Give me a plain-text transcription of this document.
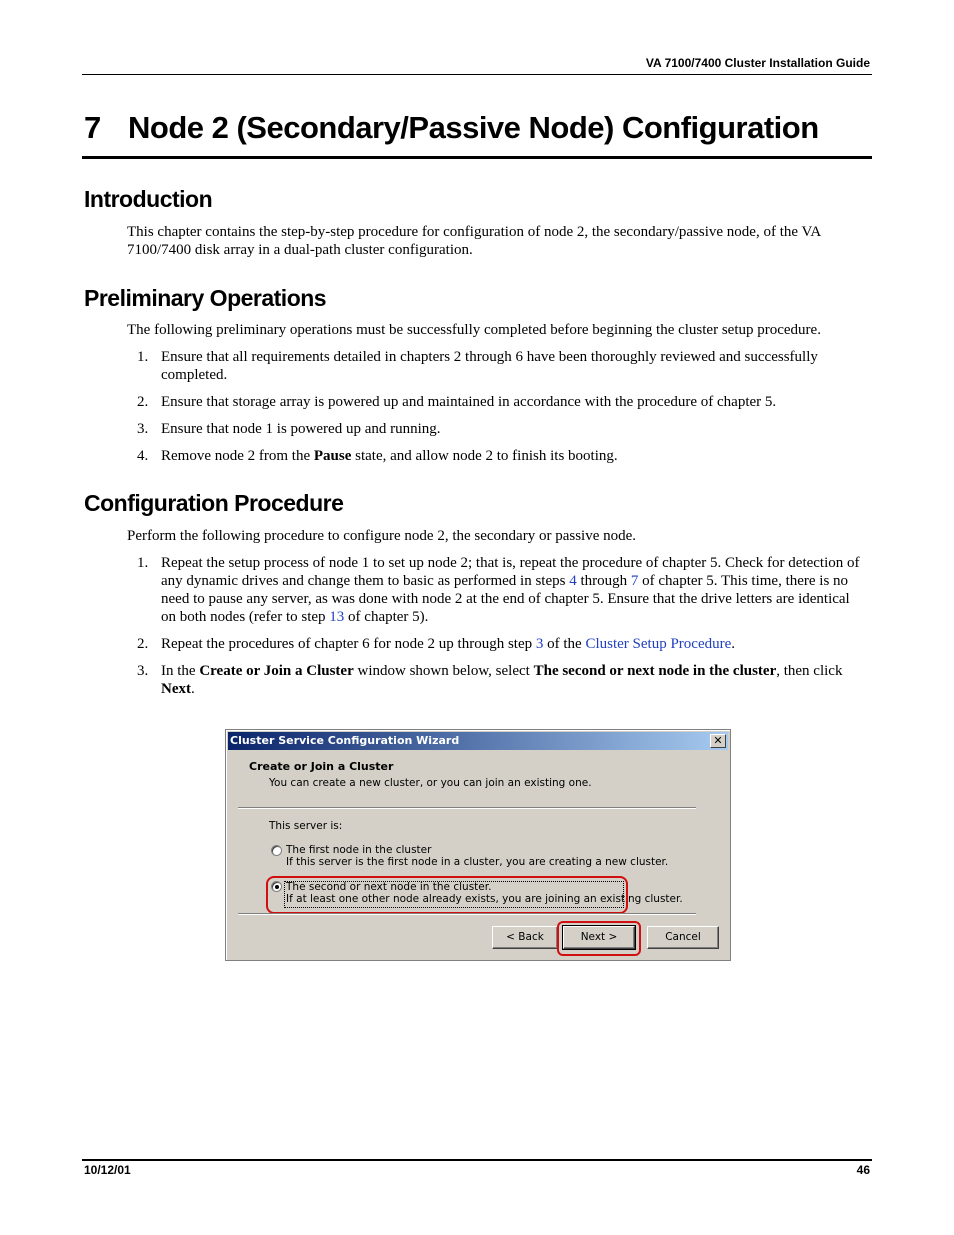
VA 7100/7400 Cluster Installation Guide
7 Node 2 (Secondary/Passive Node) Configuration
Introduction

This chapter contains the step-by-step procedure for configuration of node 2, the secondary/passive node, of the VA 7100/7400 disk array in a dual-path cluster configuration.

Preliminary Operations

The following preliminary operations must be successfully completed before beginning the cluster setup procedure.

1. Ensure that all requirements detailed in chapters 2 through 6 have been thoroughly reviewed and successfully completed.
2. Ensure that storage array is powered up and maintained in accordance with the procedure of chapter 5.
3. Ensure that node 1 is powered up and running.
4. Remove node 2 from the Pause state, and allow node 2 to finish its booting.
Configuration Procedure

Perform the following procedure to configure node 2, the secondary or passive node.

1. Repeat the setup process of node 1 to set up node 2; that is, repeat the procedure of chapter 5. Check for detection of any dynamic drives and change them to basic as performed in steps 4 through 7 of chapter 5. This time, there is no need to pause any server, as was done with node 2 at the end of chapter 5. Ensure that the drive letters are identical on both nodes (refer to step 13 of chapter 5).
2. Repeat the procedures of chapter 6 for node 2 up through step 3 of the Cluster Setup Procedure.
3. In the Create or Join a Cluster window shown below, select The second or next node in the cluster, then click Next.
Cluster Service Configuration Wizard	✕
Create or Join a Cluster
You can create a new cluster, or you can join an existing one.
This server is:
The first node in the cluster
If this server is the first node in a cluster, you are creating a new cluster.
The second or next node in the cluster.
If at least one other node already exists, you are joining an existing cluster.
< Back	Next >	Cancel
10/12/01	46
